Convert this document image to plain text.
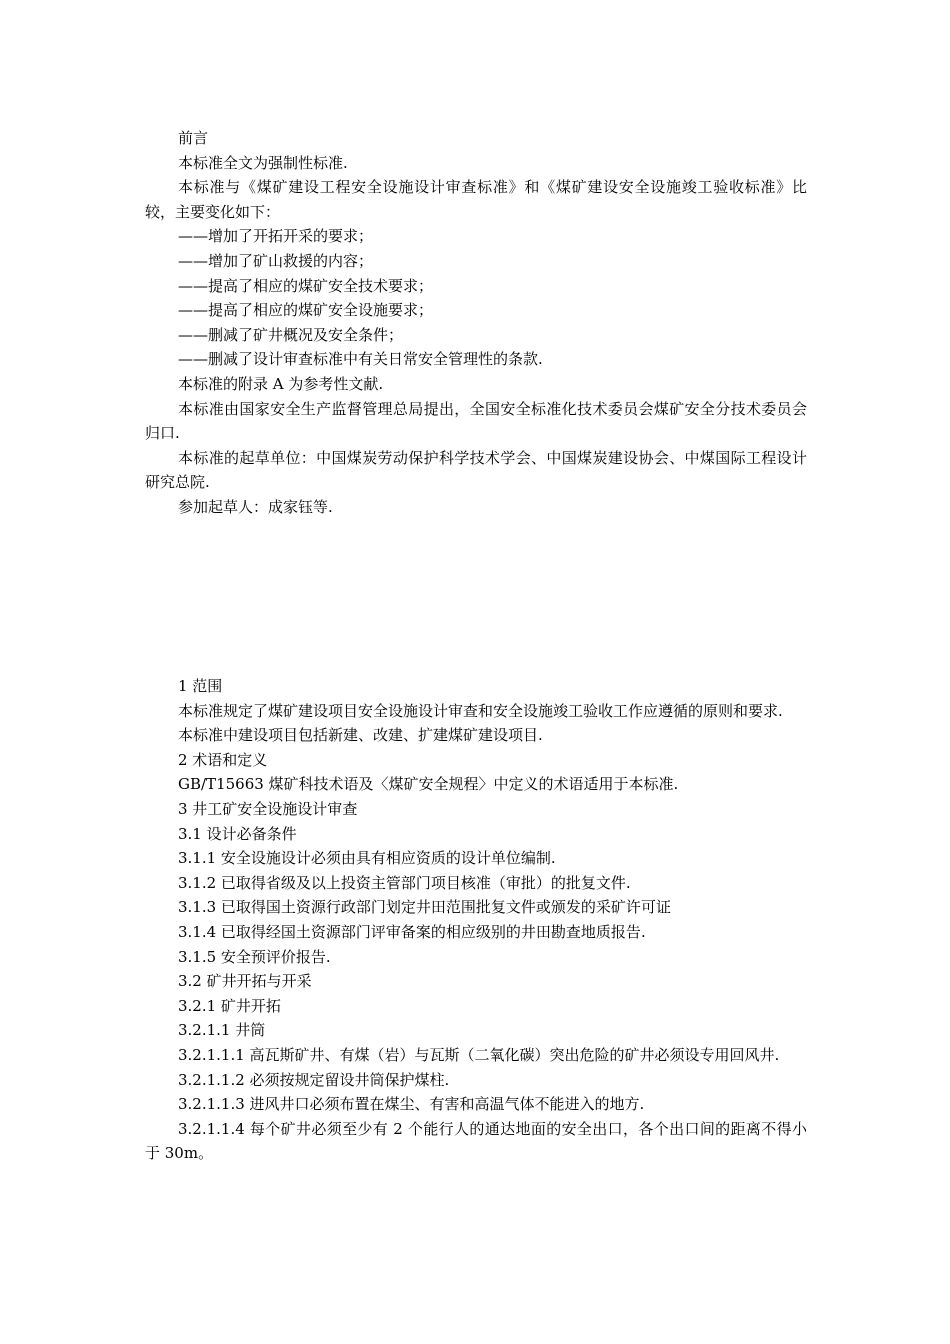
前言

本标准全文为强制性标准.

本标准与《煤矿建设工程安全设施设计审查标准》和《煤矿建设安全设施竣工验收标准》比较，主要变化如下：

——增加了开拓开采的要求；

——增加了矿山救援的内容；

——提高了相应的煤矿安全技术要求；

——提高了相应的煤矿安全设施要求；

——删减了矿井概况及安全条件；

——删减了设计审查标准中有关日常安全管理性的条款.

本标准的附录 A 为参考性文献.

本标准由国家安全生产监督管理总局提出，全国安全标准化技术委员会煤矿安全分技术委员会归口.

本标准的起草单位：中国煤炭劳动保护科学技术学会、中国煤炭建设协会、中煤国际工程设计研究总院.

参加起草人：成家钰等.

1 范围

本标准规定了煤矿建设项目安全设施设计审查和安全设施竣工验收工作应遵循的原则和要求.

本标准中建设项目包括新建、改建、扩建煤矿建设项目.

2 术语和定义

GB/T15663 煤矿科技术语及〈煤矿安全规程〉中定义的术语适用于本标准.

3 井工矿安全设施设计审查

3.1 设计必备条件

3.1.1 安全设施设计必须由具有相应资质的设计单位编制.

3.1.2 已取得省级及以上投资主管部门项目核准（审批）的批复文件.

3.1.3 已取得国土资源行政部门划定井田范围批复文件或颁发的采矿许可证

3.1.4 已取得经国土资源部门评审备案的相应级别的井田勘查地质报告.

3.1.5 安全预评价报告.

3.2 矿井开拓与开采

3.2.1 矿井开拓

3.2.1.1 井筒

3.2.1.1.1 高瓦斯矿井、有煤（岩）与瓦斯（二氧化碳）突出危险的矿井必须设专用回风井.

3.2.1.1.2 必须按规定留设井筒保护煤柱.

3.2.1.1.3 进风井口必须布置在煤尘、有害和高温气体不能进入的地方.

3.2.1.1.4 每个矿井必须至少有 2 个能行人的通达地面的安全出口，各个出口间的距离不得小于 30m。
